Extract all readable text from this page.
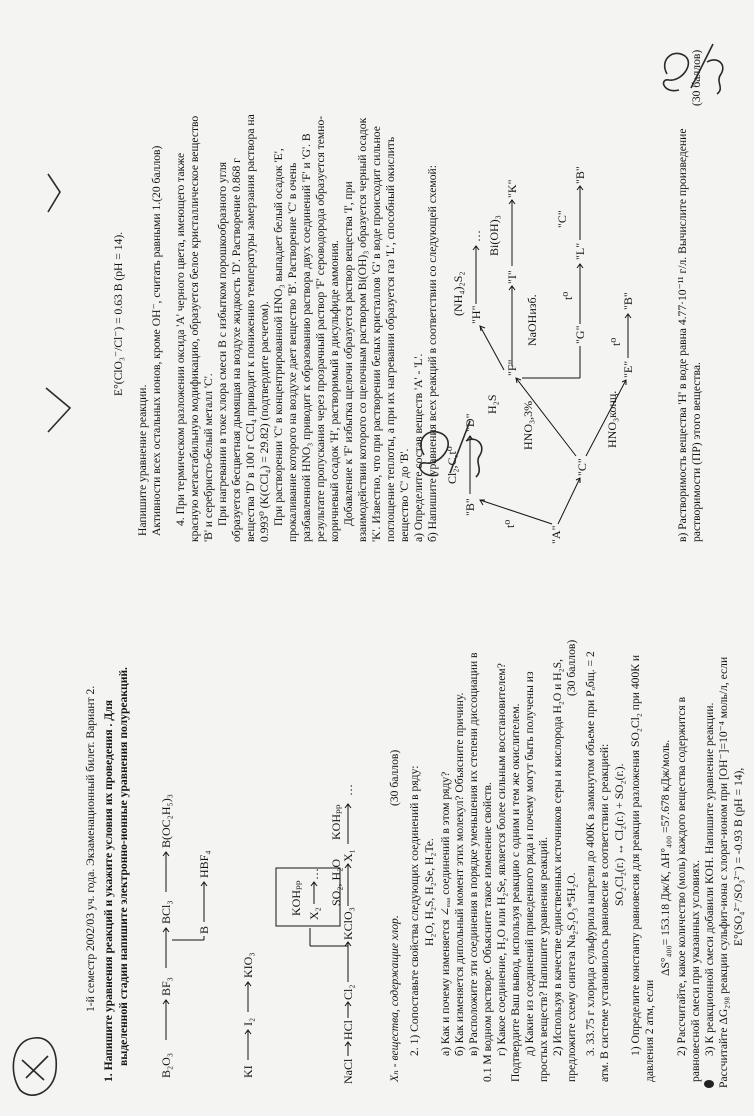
1-й семестр 2002/03 уч. года. Экзаменационный билет. Вариант 2. 1. Напишите уравнения реакций и укажите условия их проведения . Для выделенной стадии напишите электронно-ионные уравнения полуреакций. B₂O₃
BF₃
BCl₃
B(OC₂H₅)₃
B
HBF₄
KI
I₂
KIO₃
NaCl
HCl
Cl₂
KClO₃
SO₂, H₂O
X₁
KOHₚₚ
…
KOHₚₚ X₂
…
Xₙ - вещества, содержащие хлор.
(30 баллов) 2. 1) Сопоставьте свойства следующих соединений в ряду: H₂O, H₂S, H₂Se, H₂Te. а) Как и почему изменяется ∠ₑₐₐ соединений в этом ряду? б) Как изменяется дипольный момент этих молекул? Объясните причину. в) Расположите эти соединения в порядке уменьшения их степени диссоциации в 0.1 М водном растворе. Объясните такое изменение свойств. г) Какое соединение, H₂O или H₂Se, является более сильным восстановителем? Подтвердите Ваш вывод, используя реакцию с одним и тем же окислителем. д) Какие из соединений приведенного ряда и почему могут быть получены из простых веществ? Напишите уравнения реакций. 2) Используя в качестве единственных источников серы и кислорода H₂O и H₂S, предложите схему синтеза Na₂S₂O₃*5H₂O.
(30 баллов) 3. 33.75 г хлорида сульфурила нагрели до 400К в замкнутом объеме при Pₒбщ. = 2 атм. В системе установилось равновесие в соответствии с реакцией: SO₂Cl₂(г.) ↔ Cl₂(г.) + SO₂(г.). 1) Определите константу равновесия для реакции разложения SO₂Cl₂ при 400К и давления 2 атм, если
ΔS°₄₀₀= 153.18 Дж/К, ΔH°₄₀₀ =57.678 кДж/моль. 2) Рассчитайте, какое количество (моль) каждого вещества содержится в равновесной смеси при указанных условиях. 3) К реакционной смеси добавили КОН. Напишите уравнение реакции. Рассчитайте ΔG₂₉₈ реакции сульфит-иона с хлорат-ионом при [OH⁻]=10⁻⁴ моль/л, если E°(SO₄²⁻/SO₃²⁻) = -0.93 В (рН = 14),
E°(ClO₃⁻/Cl⁻) = 0.63 В (рН = 14).
Напишите уравнение реакции. Активности всех остальных ионов, кроме OH⁻, считать равными 1.(20 баллов) 4. При термическом разложении оксида 'A' черного цвета, имеющего также красную метастабильную модификацию, образуется белое кристаллическое вещество 'B' и серебристо-белый металл 'C'. При нагревании в токе хлора смеси B с избытком порошкообразного угля образуется бесцветная дымящая на воздухе жидкость 'D'. Растворение 0.868 г вещества 'D' в 100 г CCl₄ приводит к понижению температуры замерзания раствора на 0.993⁰ (K(CCl₄) = 29.82) (подтвердите расчетом). При растворении 'C' в концентрированной HNO₃ выпадает белый осадок 'E', прокаливание которого на воздухе дает вещество 'B'. Растворение 'C' в очень разбавленной HNO₃ приводит к образованию раствора двух соединений 'F' и 'G'. В результате пропускания через прозрачный раствор 'F' сероводорода образуется темно- коричневый осадок 'H', растворимый в дисульфиде аммония. Добавление к 'F' избытка щелочи образуется раствор вещества 'I', при взаимодействии которого со щелочным раствором Bi(OH)₃ образуется черный осадок 'K'. Известно, что при растворении белых кристаллов 'G' в воде происходит сильное поглощение теплоты, а при их нагревании образуется газ 'L', способный окислить вещество 'C' до 'B'. а) Определите состав веществ 'A' - 'L'. б) Напишите уравнения всех реакций в соответствии со следующей схемой: Cl₂,C,t⁰
"B"
"D"
"A"
t⁰
"C"
HNO₃,3%
"F"
HNO₃конц.
"E"
t⁰
"B"
"G"
t⁰
"L"
"C"
"B"
H₂S
"H"
(NH₄)₂S₂
…
NaOHизб.
"I"
Bi(OH)₃
"K"	в) Растворимость вещества 'H' в воде равна 4.77·10⁻¹¹ г/л. Вычислите произведение растворимости (ПР) этого вещества.
(30 баллов)
